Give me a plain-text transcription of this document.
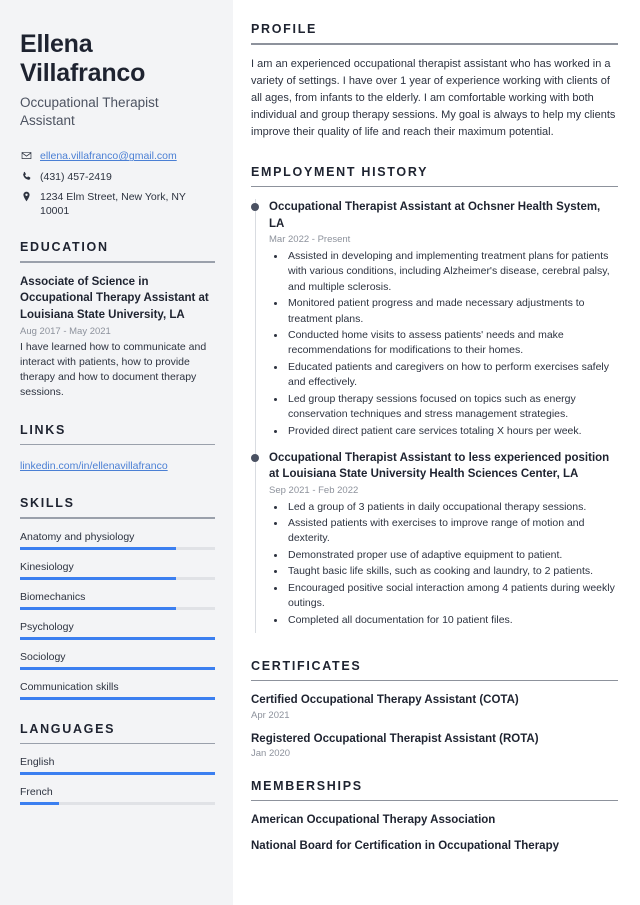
Ellena Villafranco
Occupational Therapist Assistant
ellena.villafranco@gmail.com
(431) 457-2419
1234 Elm Street, New York, NY 10001
EDUCATION
Associate of Science in Occupational Therapy Assistant at Louisiana State University, LA
Aug 2017 - May 2021
I have learned how to communicate and interact with patients, how to provide therapy and how to document therapy sessions.
LINKS
linkedin.com/in/ellenavillafranco
SKILLS
Anatomy and physiology
Kinesiology
Biomechanics
Psychology
Sociology
Communication skills
LANGUAGES
English
French
PROFILE

I am an experienced occupational therapist assistant who has worked in a variety of settings. I have over 1 year of experience working with clients of all ages, from infants to the elderly. I am comfortable working with both individual and group therapy sessions. My goal is always to help my clients improve their quality of life and reach their maximum potential.

EMPLOYMENT HISTORY
Occupational Therapist Assistant at Ochsner Health System, LA
Mar 2022 - Present
• Assisted in developing and implementing treatment plans for patients with various conditions, including Alzheimer's disease, cerebral palsy, and multiple sclerosis.
• Monitored patient progress and made necessary adjustments to treatment plans.
• Conducted home visits to assess patients' needs and make recommendations for modifications to their homes.
• Educated patients and caregivers on how to perform exercises safely and effectively.
• Led group therapy sessions focused on topics such as energy conservation techniques and stress management strategies.
• Provided direct patient care services totaling X hours per week.
Occupational Therapist Assistant to less experienced position at Louisiana State University Health Sciences Center, LA
Sep 2021 - Feb 2022
• Led a group of 3 patients in daily occupational therapy sessions.
• Assisted patients with exercises to improve range of motion and dexterity.
• Demonstrated proper use of adaptive equipment to patient.
• Taught basic life skills, such as cooking and laundry, to 2 patients.
• Encouraged positive social interaction among 4 patients during weekly outings.
• Completed all documentation for 10 patient files.
CERTIFICATES
Certified Occupational Therapy Assistant (COTA)
Apr 2021
Registered Occupational Therapist Assistant (ROTA)
Jan 2020
MEMBERSHIPS
American Occupational Therapy Association
National Board for Certification in Occupational Therapy
